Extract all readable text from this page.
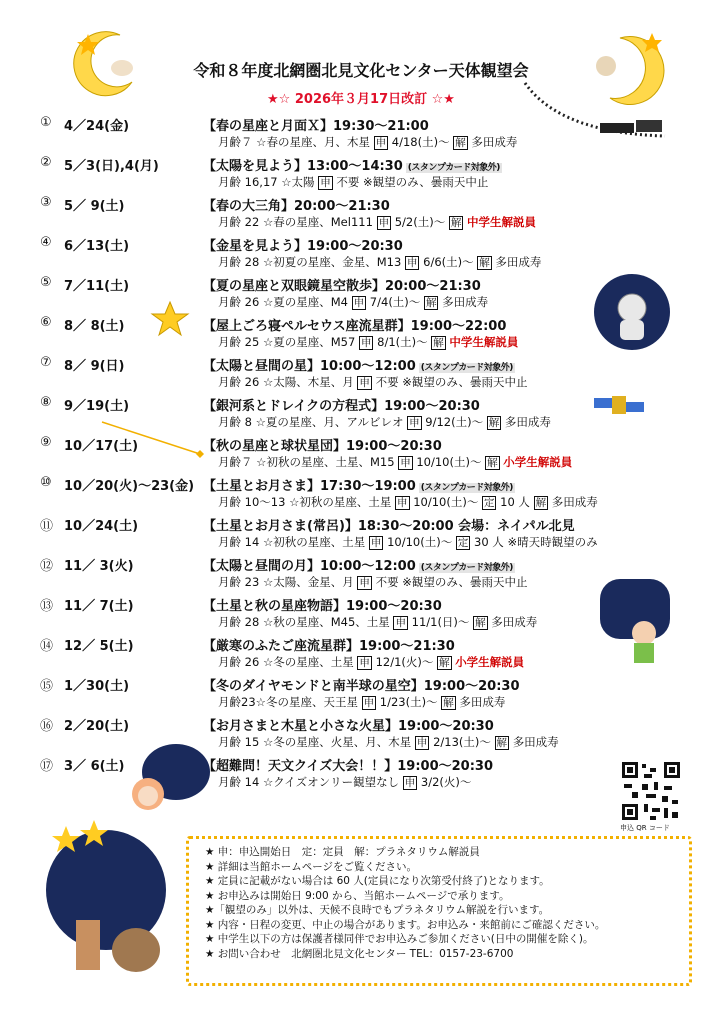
申込 QR コード
令和８年度北網圏北見文化センター天体観望会
★☆ 2026年３月17日改訂 ☆★
① 4／24(金)	【春の星座と月面Ｘ】19:30～21:00
月齢７ ☆春の星座、月、木星 申 4/18(土)～ 解 多田成寿
② 5／3(日),4(月)	【太陽を見よう】13:00～14:30 (スタンプカード対象外)
月齢 16,17 ☆太陽 申 不要 ※観望のみ、曇雨天中止
③ 5／ 9(土)	【春の大三角】20:00～21:30
月齢 22 ☆春の星座、Mel111 申 5/2(土)～ 解 中学生解説員
④ 6／13(土)	【金星を見よう】19:00～20:30
月齢 28 ☆初夏の星座、金星、M13 申 6/6(土)～ 解 多田成寿
⑤ 7／11(土)	【夏の星座と双眼鏡星空散歩】20:00～21:30
月齢 26 ☆夏の星座、M4 申 7/4(土)～ 解 多田成寿
⑥ 8／ 8(土)	【屋上ごろ寝ペルセウス座流星群】19:00～22:00
月齢 25 ☆夏の星座、M57 申 8/1(土)～ 解 中学生解説員
⑦ 8／ 9(日)	【太陽と昼間の星】10:00～12:00 (スタンプカード対象外)
月齢 26 ☆太陽、木星、月 申 不要 ※観望のみ、曇雨天中止
⑧ 9／19(土)	【銀河系とドレイクの方程式】19:00～20:30
月齢 8 ☆夏の星座、月、アルビレオ 申 9/12(土)～ 解 多田成寿
⑨ 10／17(土)	【秋の星座と球状星団】19:00～20:30
月齢７ ☆初秋の星座、土星、M15 申 10/10(土)～ 解 小学生解説員
⑩ 10／20(火)～23(金) 【土星とお月さま】17:30～19:00 (スタンプカード対象外)
月齢 10～13 ☆初秋の星座、土星 申 10/10(土)～ 定 10 人 解 多田成寿
⑪ 10／24(土)	【土星とお月さま(常呂)】18:30～20:00 会場：ネイパル北見
月齢 14 ☆初秋の星座、土星 申 10/10(土)～ 定 30 人 ※晴天時観望のみ
⑫ 11／ 3(火)	【太陽と昼間の月】10:00～12:00 (スタンプカード対象外)
月齢 23 ☆太陽、金星、月 申 不要 ※観望のみ、曇雨天中止
⑬ 11／ 7(土)	【土星と秋の星座物語】19:00～20:30
月齢 28 ☆秋の星座、M45、土星 申 11/1(日)～ 解 多田成寿
⑭ 12／ 5(土)	【厳寒のふたご座流星群】19:00～21:30
月齢 26 ☆冬の星座、土星 申 12/1(火)～ 解 小学生解説員
⑮ 1／30(土)	【冬のダイヤモンドと南半球の星空】19:00～20:30
月齢23☆冬の星座、天王星 申 1/23(土)～ 解 多田成寿
⑯ 2／20(土)	【お月さまと木星と小さな火星】19:00～20:30
月齢 15 ☆冬の星座、火星、月、木星 申 2/13(土)～ 解 多田成寿
⑰ 3／ 6(土)	【超難問！天文クイズ大会！！】19:00～20:30
月齢 14 ☆クイズオンリー観望なし 申 3/2(火)～
★ 申：申込開始日　定：定員　解：プラネタリウム解説員
★ 詳細は当館ホームページをご覧ください。
★ 定員に記載がない場合は 60 人(定員になり次第受付終了)となります。
★ お申込みは開始日 9:00 から、当館ホームページで承ります。
★「観望のみ」以外は、天候不良時でもプラネタリウム解説を行います。
★ 内容・日程の変更、中止の場合があります。お申込み・来館前にご確認ください。
★ 中学生以下の方は保護者様同伴でお申込みご参加ください(日中の開催を除く)。
★ お問い合わせ　北網圏北見文化センター TEL：0157-23-6700
